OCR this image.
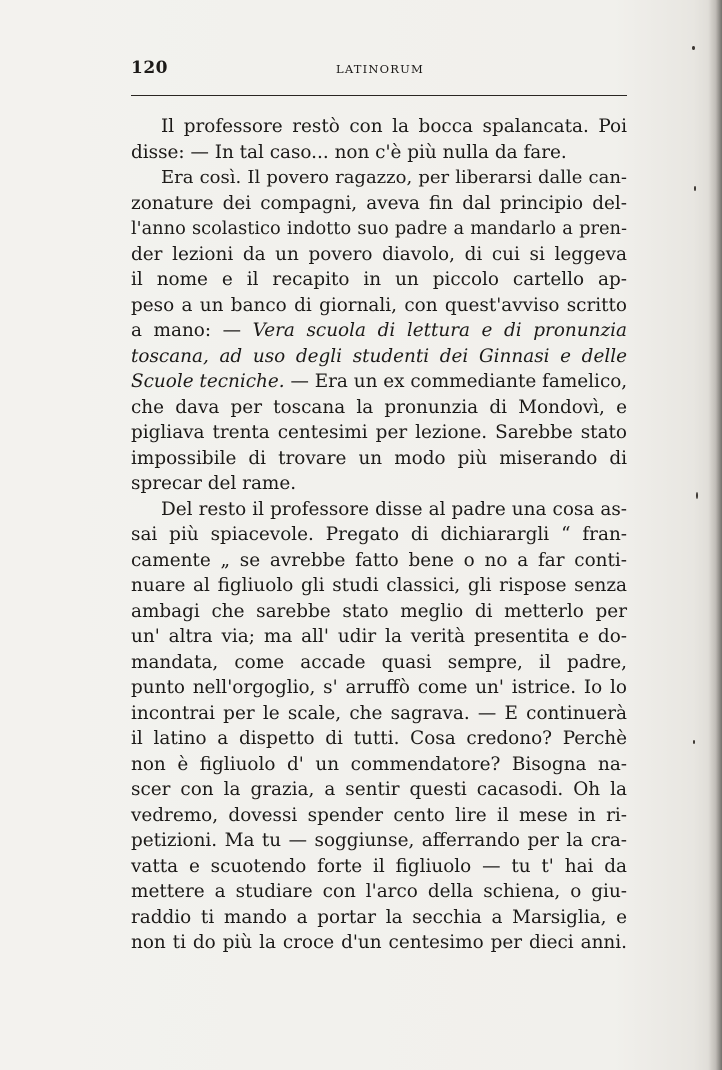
120	LATINORUM
Il professore restò con la bocca spalancata. Poi
disse: — In tal caso... non c'è più nulla da fare.
Era così. Il povero ragazzo, per liberarsi dalle can-
zonature dei compagni, aveva fin dal principio del-
l'anno scolastico indotto suo padre a mandarlo a pren-
der lezioni da un povero diavolo, di cui si leggeva
il nome e il recapito in un piccolo cartello ap-
peso a un banco di giornali, con quest'avviso scritto
a mano: — Vera scuola di lettura e di pronunzia
toscana, ad uso degli studenti dei Ginnasi e delle
Scuole tecniche. — Era un ex commediante famelico,
che dava per toscana la pronunzia di Mondovì, e
pigliava trenta centesimi per lezione. Sarebbe stato
impossibile di trovare un modo più miserando di
sprecar del rame.
Del resto il professore disse al padre una cosa as-
sai più spiacevole. Pregato di dichiarargli “ fran-
camente „ se avrebbe fatto bene o no a far conti-
nuare al figliuolo gli studi classici, gli rispose senza
ambagi che sarebbe stato meglio di metterlo per
un' altra via; ma all' udir la verità presentita e do-
mandata, come accade quasi sempre, il padre,
punto nell'orgoglio, s' arruffò come un' istrice. Io lo
incontrai per le scale, che sagrava. — E continuerà
il latino a dispetto di tutti. Cosa credono? Perchè
non è figliuolo d' un commendatore? Bisogna na-
scer con la grazia, a sentir questi cacasodi. Oh la
vedremo, dovessi spender cento lire il mese in ri-
petizioni. Ma tu — soggiunse, afferrando per la cra-
vatta e scuotendo forte il figliuolo — tu t' hai da
mettere a studiare con l'arco della schiena, o giu-
raddio ti mando a portar la secchia a Marsiglia, e
non ti do più la croce d'un centesimo per dieci anni.
